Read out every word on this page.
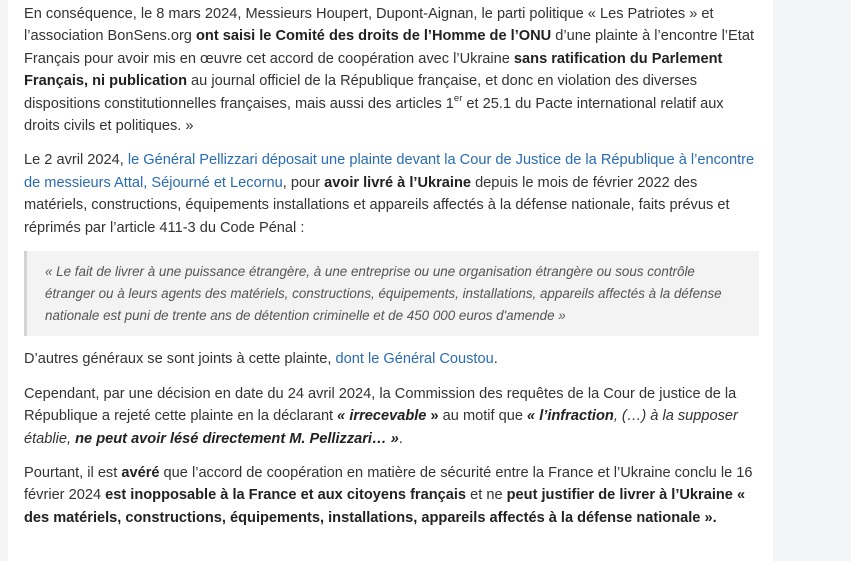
En conséquence, le 8 mars 2024, Messieurs Houpert, Dupont-Aignan, le parti politique « Les Patriotes » et l’association BonSens.org ont saisi le Comité des droits de l’Homme de l’ONU d’une plainte à l’encontre l’Etat Français pour avoir mis en œuvre cet accord de coopération avec l’Ukraine sans ratification du Parlement Français, ni publication au journal officiel de la République française, et donc en violation des diverses dispositions constitutionnelles françaises, mais aussi des articles 1er et 25.1 du Pacte international relatif aux droits civils et politiques. »

Le 2 avril 2024, le Général Pellizzari déposait une plainte devant la Cour de Justice de la République à l’encontre de messieurs Attal, Séjourné et Lecornu, pour avoir livré à l’Ukraine depuis le mois de février 2022 des matériels, constructions, équipements installations et appareils affectés à la défense nationale, faits prévus et réprimés par l’article 411-3 du Code Pénal :

« Le fait de livrer à une puissance étrangère, à une entreprise ou une organisation étrangère ou sous contrôle étranger ou à leurs agents des matériels, constructions, équipements, installations, appareils affectés à la défense nationale est puni de trente ans de détention criminelle et de 450 000 euros d'amende »

D’autres généraux se sont joints à cette plainte, dont le Général Coustou.

Cependant, par une décision en date du 24 avril 2024, la Commission des requêtes de la Cour de justice de la République a rejeté cette plainte en la déclarant « irrecevable » au motif que « l’infraction, (…) à la supposer établie, ne peut avoir lésé directement M. Pellizzari… ».

Pourtant, il est avéré que l’accord de coopération en matière de sécurité entre la France et l’Ukraine conclu le 16 février 2024 est inopposable à la France et aux citoyens français et ne peut justifier de livrer à l’Ukraine « des matériels, constructions, équipements, installations, appareils affectés à la défense nationale ».
